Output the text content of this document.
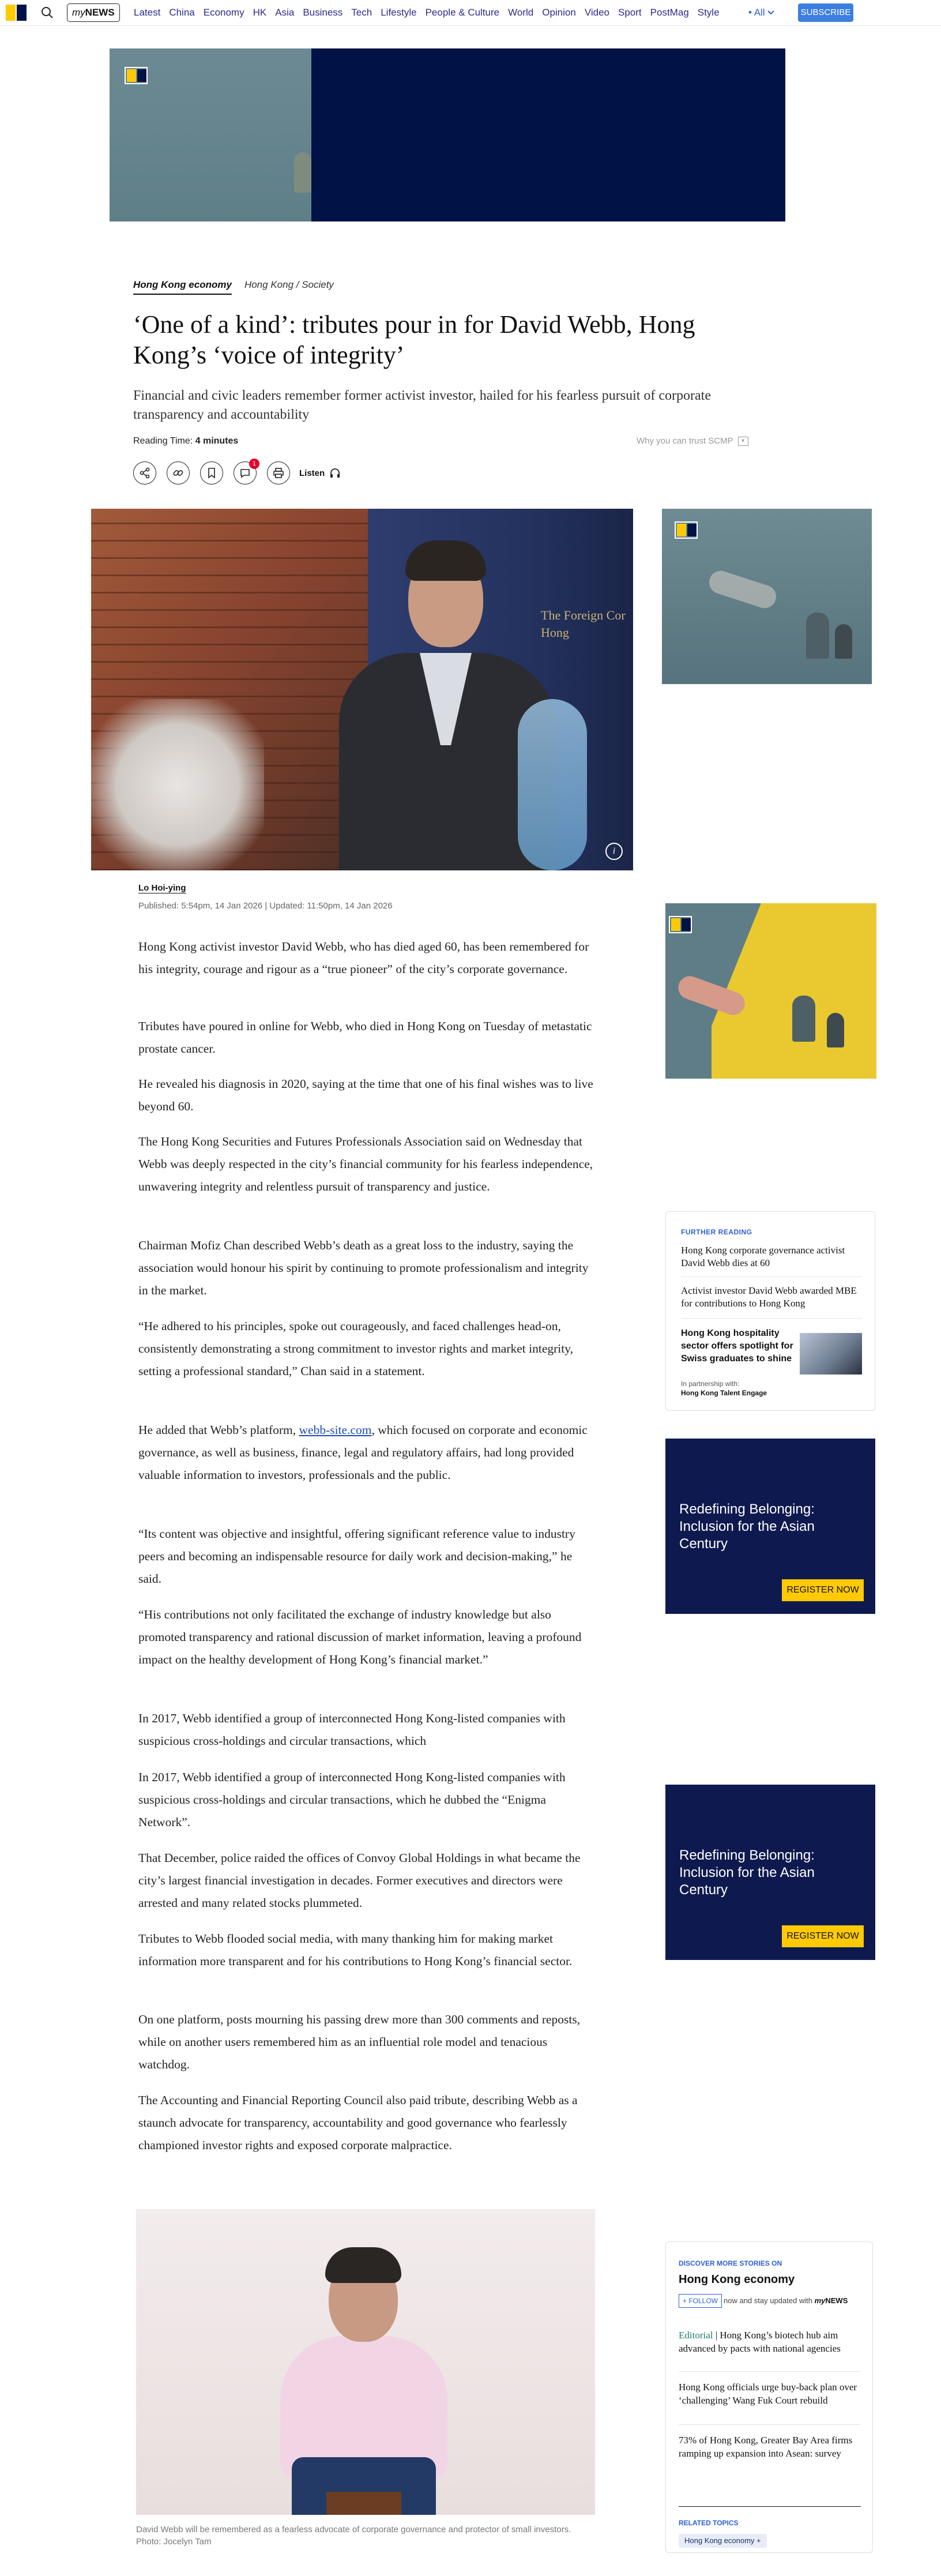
myNEWS	Latest China Economy HK Asia Business Tech Lifestyle People & Culture World Opinion Video Sport PostMag Style	• All	SUBSCRIBE
Hong Kong economy Hong Kong / Society
‘One of a kind’: tributes pour in for David Webb, Hong Kong’s ‘voice of integrity’

Financial and civic leaders remember former activist investor, hailed for his fearless pursuit of corporate transparency and accountability

Reading Time: 4 minutes	Why you can trust SCMP ▾
1
Listen
The Foreign Cor
Hong
i
Lo Hoi-ying
Published: 5:54pm, 14 Jan 2026 | Updated: 11:50pm, 14 Jan 2026

Hong Kong activist investor David Webb, who has died aged 60, has been remembered for his integrity, courage and rigour as a “true pioneer” of the city’s corporate governance.

Tributes have poured in online for Webb, who died in Hong Kong on Tuesday of metastatic prostate cancer.

He revealed his diagnosis in 2020, saying at the time that one of his final wishes was to live beyond 60.

The Hong Kong Securities and Futures Professionals Association said on Wednesday that Webb was deeply respected in the city’s financial community for his fearless independence, unwavering integrity and relentless pursuit of transparency and justice.

Chairman Mofiz Chan described Webb’s death as a great loss to the industry, saying the association would honour his spirit by continuing to promote professionalism and integrity in the market.

“He adhered to his principles, spoke out courageously, and faced challenges head-on, consistently demonstrating a strong commitment to investor rights and market integrity, setting a professional standard,” Chan said in a statement.

He added that Webb’s platform, webb-site.com, which focused on corporate and economic governance, as well as business, finance, legal and regulatory affairs, had long provided valuable information to investors, professionals and the public.

“Its content was objective and insightful, offering significant reference value to industry peers and becoming an indispensable resource for daily work and decision-making,” he said.

“His contributions not only facilitated the exchange of industry knowledge but also promoted transparency and rational discussion of market information, leaving a profound impact on the healthy development of Hong Kong’s financial market.”

In 2017, Webb identified a group of interconnected Hong Kong-listed companies with suspicious cross-holdings and circular transactions, which

In 2017, Webb identified a group of interconnected Hong Kong-listed companies with suspicious cross-holdings and circular transactions, which he dubbed the “Enigma Network”.

That December, police raided the offices of Convoy Global Holdings in what became the city’s largest financial investigation in decades. Former executives and directors were arrested and many related stocks plummeted.

Tributes to Webb flooded social media, with many thanking him for making market information more transparent and for his contributions to Hong Kong’s financial sector.

On one platform, posts mourning his passing drew more than 300 comments and reposts, while on another users remembered him as an influential role model and tenacious watchdog.

The Accounting and Financial Reporting Council also paid tribute, describing Webb as a staunch advocate for transparency, accountability and good governance who fearlessly championed investor rights and exposed corporate malpractice.

David Webb will be remembered as a fearless advocate of corporate governance and protector of small investors. Photo: Jocelyn Tam

FURTHER READING
Hong Kong corporate governance activist David Webb dies at 60
Activist investor David Webb awarded MBE for contributions to Hong Kong
Hong Kong hospitality sector offers spotlight for Swiss graduates to shine
In partnership with:
Hong Kong Talent Engage
Redefining Belonging: Inclusion for the Asian Century
REGISTER NOW
Redefining Belonging: Inclusion for the Asian Century
REGISTER NOW
DISCOVER MORE STORIES ON
Hong Kong economy
+ FOLLOW now and stay updated with myNEWS
Editorial | Hong Kong’s biotech hub aim advanced by pacts with national agencies
Hong Kong officials urge buy-back plan over ‘challenging’ Wang Fuk Court rebuild
73% of Hong Kong, Greater Bay Area firms ramping up expansion into Asean: survey
RELATED TOPICS
Hong Kong economy +
